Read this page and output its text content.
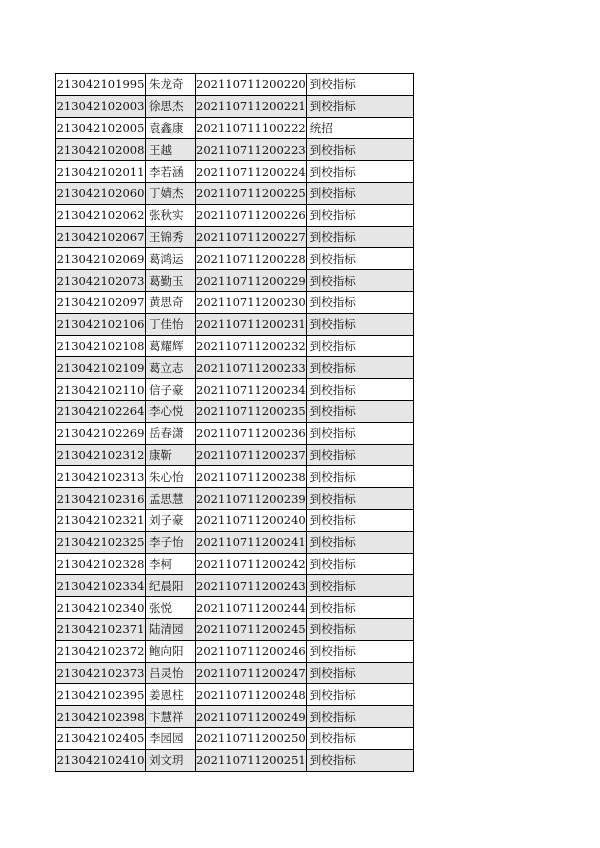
213042101995	朱龙奇	202110711200220	到校指标
213042102003	徐思杰	202110711200221	到校指标
213042102005	袁鑫康	202110711100222	统招
213042102008	王越	202110711200223	到校指标
213042102011	李若涵	202110711200224	到校指标
213042102060	丁婧杰	202110711200225	到校指标
213042102062	张秋实	202110711200226	到校指标
213042102067	王锦秀	202110711200227	到校指标
213042102069	葛鸿运	202110711200228	到校指标
213042102073	葛勤玉	202110711200229	到校指标
213042102097	黄思奇	202110711200230	到校指标
213042102106	丁佳怡	202110711200231	到校指标
213042102108	葛耀辉	202110711200232	到校指标
213042102109	葛立志	202110711200233	到校指标
213042102110	信子豪	202110711200234	到校指标
213042102264	李心悦	202110711200235	到校指标
213042102269	岳春潇	202110711200236	到校指标
213042102312	康靳	202110711200237	到校指标
213042102313	朱心怡	202110711200238	到校指标
213042102316	孟思慧	202110711200239	到校指标
213042102321	刘子豪	202110711200240	到校指标
213042102325	李子怡	202110711200241	到校指标
213042102328	李柯	202110711200242	到校指标
213042102334	纪晨阳	202110711200243	到校指标
213042102340	张悦	202110711200244	到校指标
213042102371	陆清园	202110711200245	到校指标
213042102372	鲍向阳	202110711200246	到校指标
213042102373	吕灵怡	202110711200247	到校指标
213042102395	姜恩柱	202110711200248	到校指标
213042102398	卞慧祥	202110711200249	到校指标
213042102405	李园园	202110711200250	到校指标
213042102410	刘文玥	202110711200251	到校指标
